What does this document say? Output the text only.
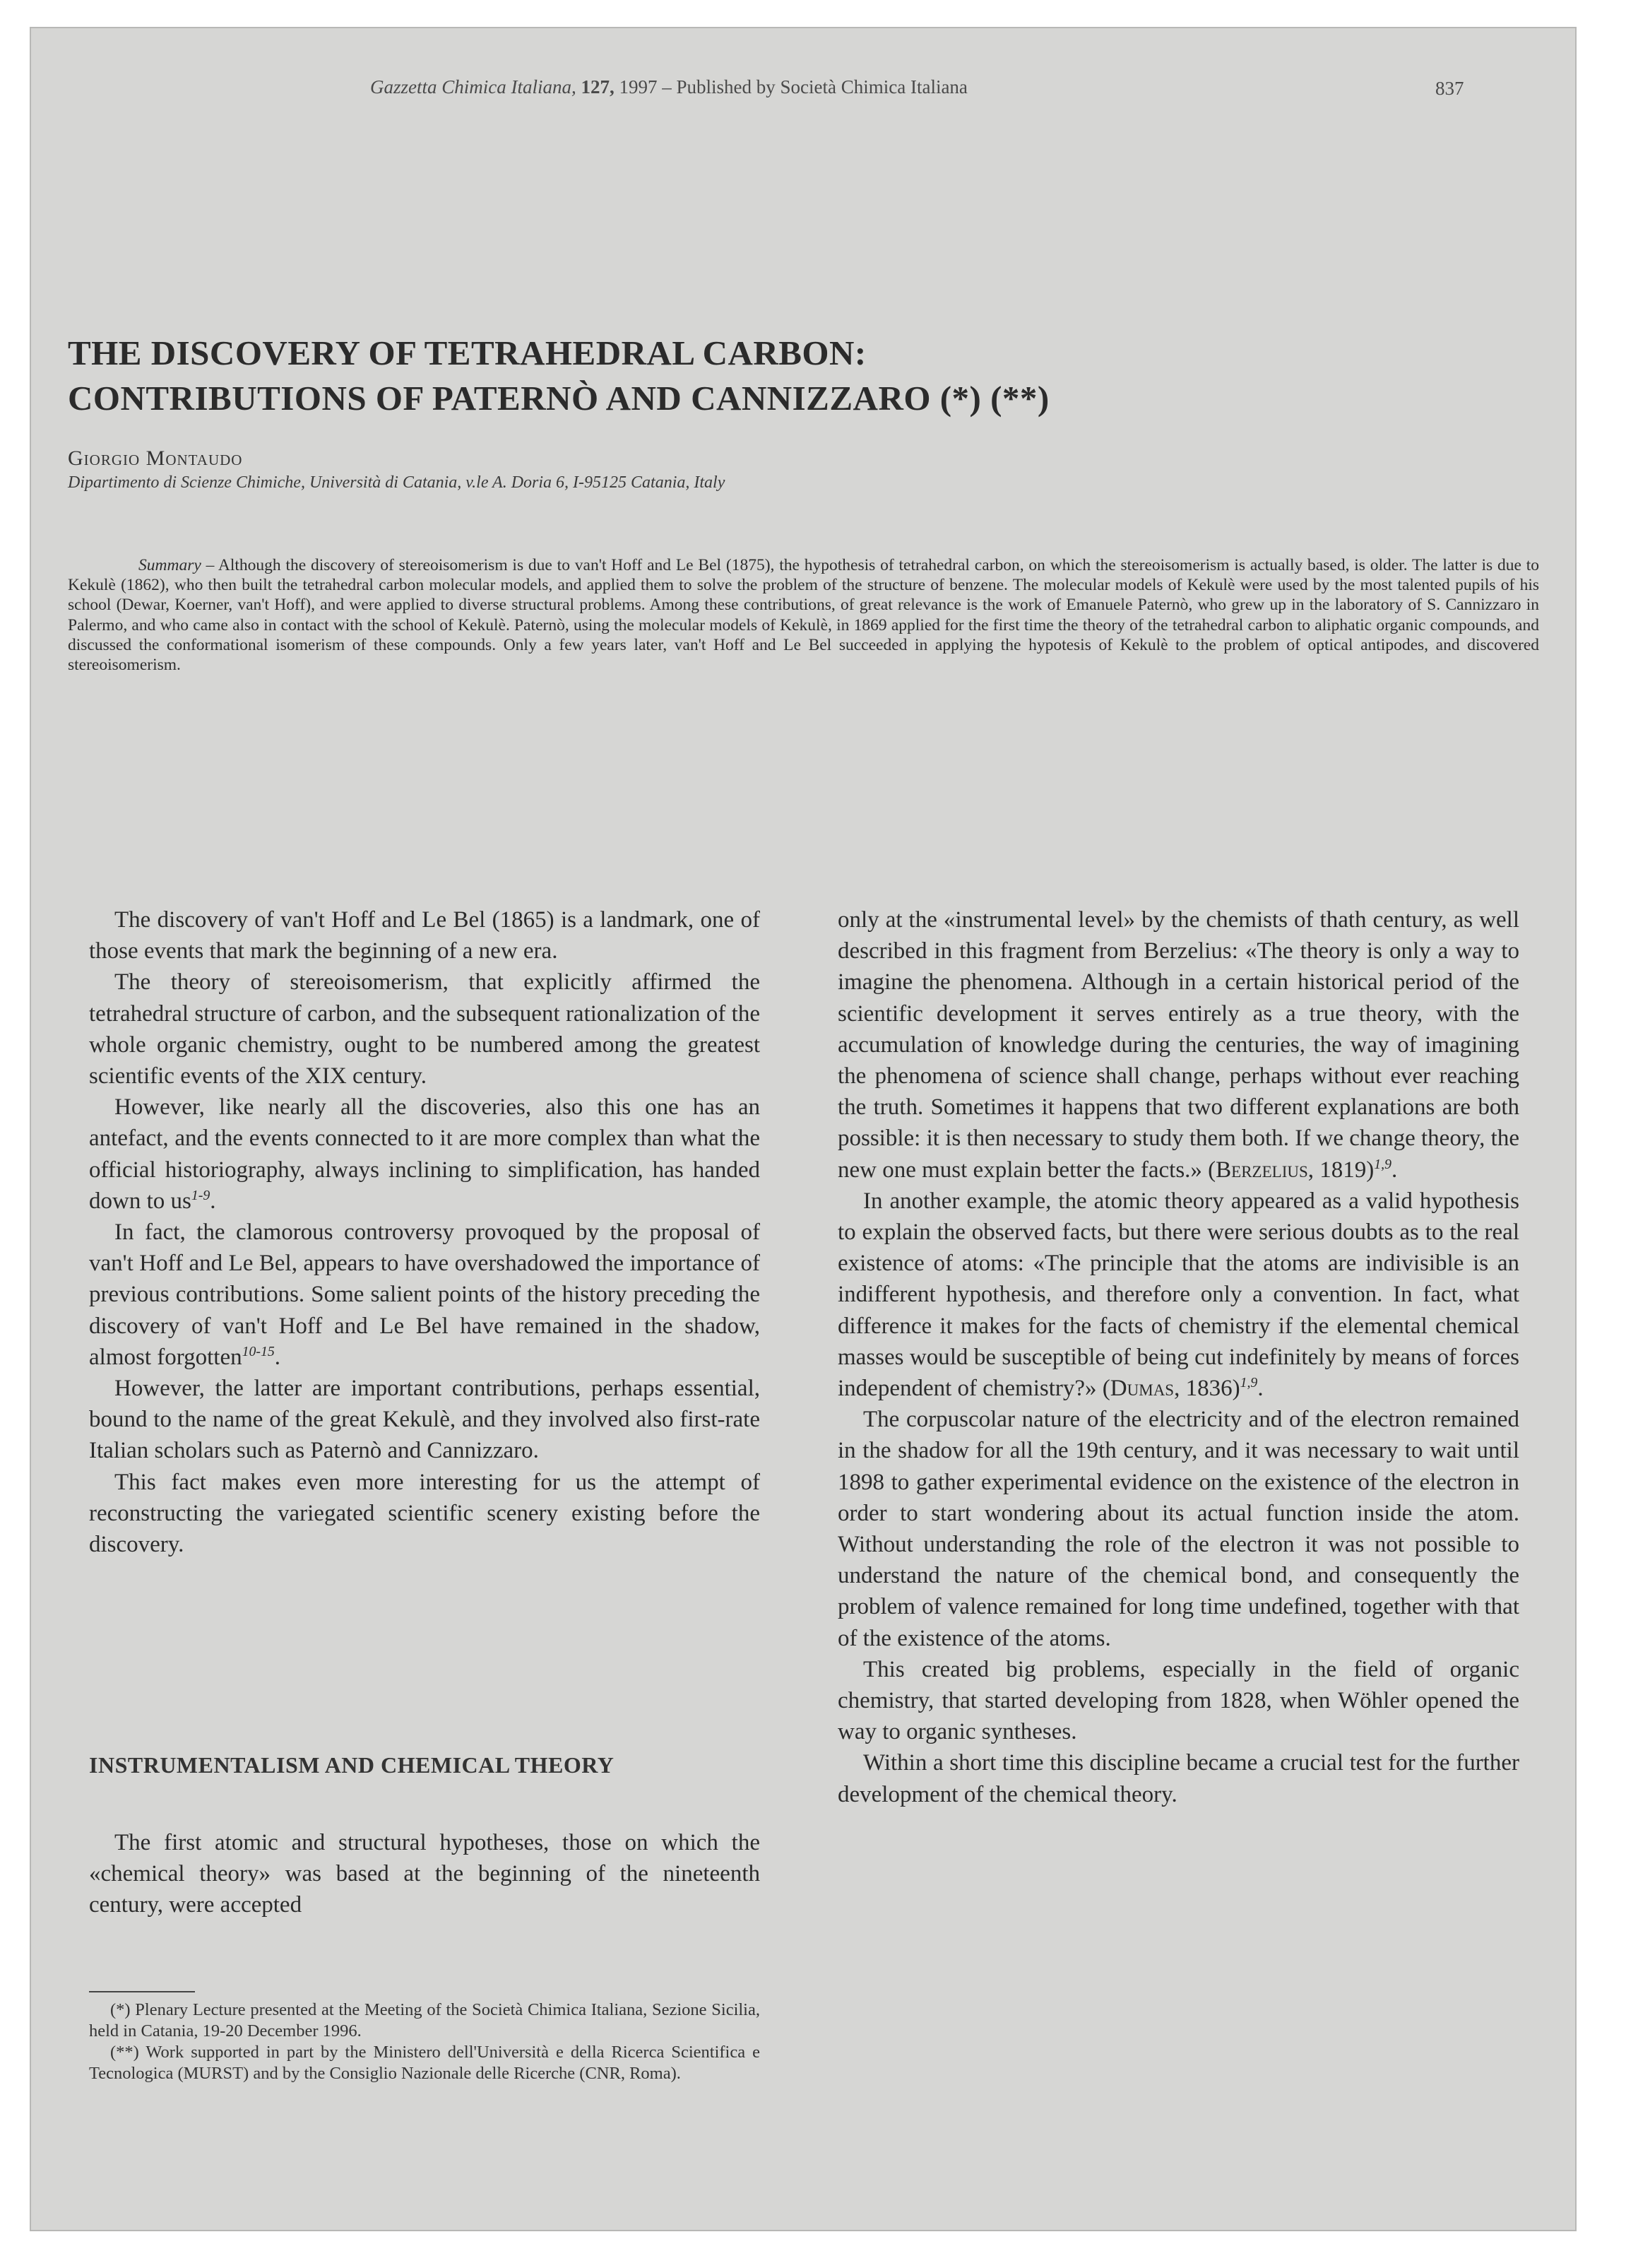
Gazzetta Chimica Italiana, 127, 1997 – Published by Società Chimica Italiana	837
THE DISCOVERY OF TETRAHEDRAL CARBON:
CONTRIBUTIONS OF PATERNÒ AND CANNIZZARO (*) (**)
Giorgio Montaudo
Dipartimento di Scienze Chimiche, Università di Catania, v.le A. Doria 6, I-95125 Catania, Italy

Summary – Although the discovery of stereoisomerism is due to van't Hoff and Le Bel (1875), the hypothesis of tetrahedral carbon, on which the stereoisomerism is actually based, is older. The latter is due to Kekulè (1862), who then built the tetrahedral carbon molecular models, and applied them to solve the problem of the structure of benzene. The molecular models of Kekulè were used by the most talented pupils of his school (Dewar, Koerner, van't Hoff), and were applied to diverse structural problems. Among these contributions, of great relevance is the work of Emanuele Paternò, who grew up in the laboratory of S. Cannizzaro in Palermo, and who came also in contact with the school of Kekulè. Paternò, using the molecular models of Kekulè, in 1869 applied for the first time the theory of the tetrahedral carbon to aliphatic organic compounds, and discussed the conformational isomerism of these compounds. Only a few years later, van't Hoff and Le Bel succeeded in applying the hypotesis of Kekulè to the problem of optical antipodes, and discovered stereoisomerism.

The discovery of van't Hoff and Le Bel (1865) is a landmark, one of those events that mark the beginning of a new era.

The theory of stereoisomerism, that explicitly affirmed the tetrahedral structure of carbon, and the subsequent rationalization of the whole organic chemistry, ought to be numbered among the greatest scientific events of the XIX century.

However, like nearly all the discoveries, also this one has an antefact, and the events connected to it are more complex than what the official historiography, always inclining to simplification, has handed down to $us^{1-9}$.

In fact, the clamorous controversy provoqued by the proposal of van't Hoff and Le Bel, appears to have overshadowed the importance of previous contributions. Some salient points of the history preceding the discovery of van't Hoff and Le Bel have remained in the shadow, almost forgotten$^{10-15}$.

However, the latter are important contributions, perhaps essential, bound to the name of the great Kekulè, and they involved also first-rate Italian scholars such as Paternò and Cannizzaro.

This fact makes even more interesting for us the attempt of reconstructing the variegated scientific scenery existing before the discovery.

INSTRUMENTALISM AND CHEMICAL THEORY

The first atomic and structural hypotheses, those on which the «chemical theory» was based at the beginning of the nineteenth century, were accepted

(*) Plenary Lecture presented at the Meeting of the Società Chimica Italiana, Sezione Sicilia, held in Catania, 19-20 December 1996.

(**) Work supported in part by the Ministero dell'Università e della Ricerca Scientifica e Tecnologica (MURST) and by the Consiglio Nazionale delle Ricerche (CNR, Roma).

only at the «instrumental level» by the chemists of thath century, as well described in this fragment from Berzelius: «The theory is only a way to imagine the phenomena. Although in a certain historical period of the scientific development it serves entirely as a true theory, with the accumulation of knowledge during the centuries, the way of imagining the phenomena of science shall change, perhaps without ever reaching the truth. Sometimes it happens that two different explanations are both possible: it is then necessary to study them both. If we change theory, the new one must explain better the facts.» (Berzelius, 1819)$^{1,9}$.

In another example, the atomic theory appeared as a valid hypothesis to explain the observed facts, but there were serious doubts as to the real existence of atoms: «The principle that the atoms are indivisible is an indifferent hypothesis, and therefore only a convention. In fact, what difference it makes for the facts of chemistry if the elemental chemical masses would be susceptible of being cut indefinitely by means of forces independent of chemistry?» (Dumas, 1836)$^{1,9}$.

The corpuscolar nature of the electricity and of the electron remained in the shadow for all the 19th century, and it was necessary to wait until 1898 to gather experimental evidence on the existence of the electron in order to start wondering about its actual function inside the atom. Without understanding the role of the electron it was not possible to understand the nature of the chemical bond, and consequently the problem of valence remained for long time undefined, together with that of the existence of the atoms.

This created big problems, especially in the field of organic chemistry, that started developing from 1828, when Wöhler opened the way to organic syntheses.

Within a short time this discipline became a crucial test for the further development of the chemical theory.
